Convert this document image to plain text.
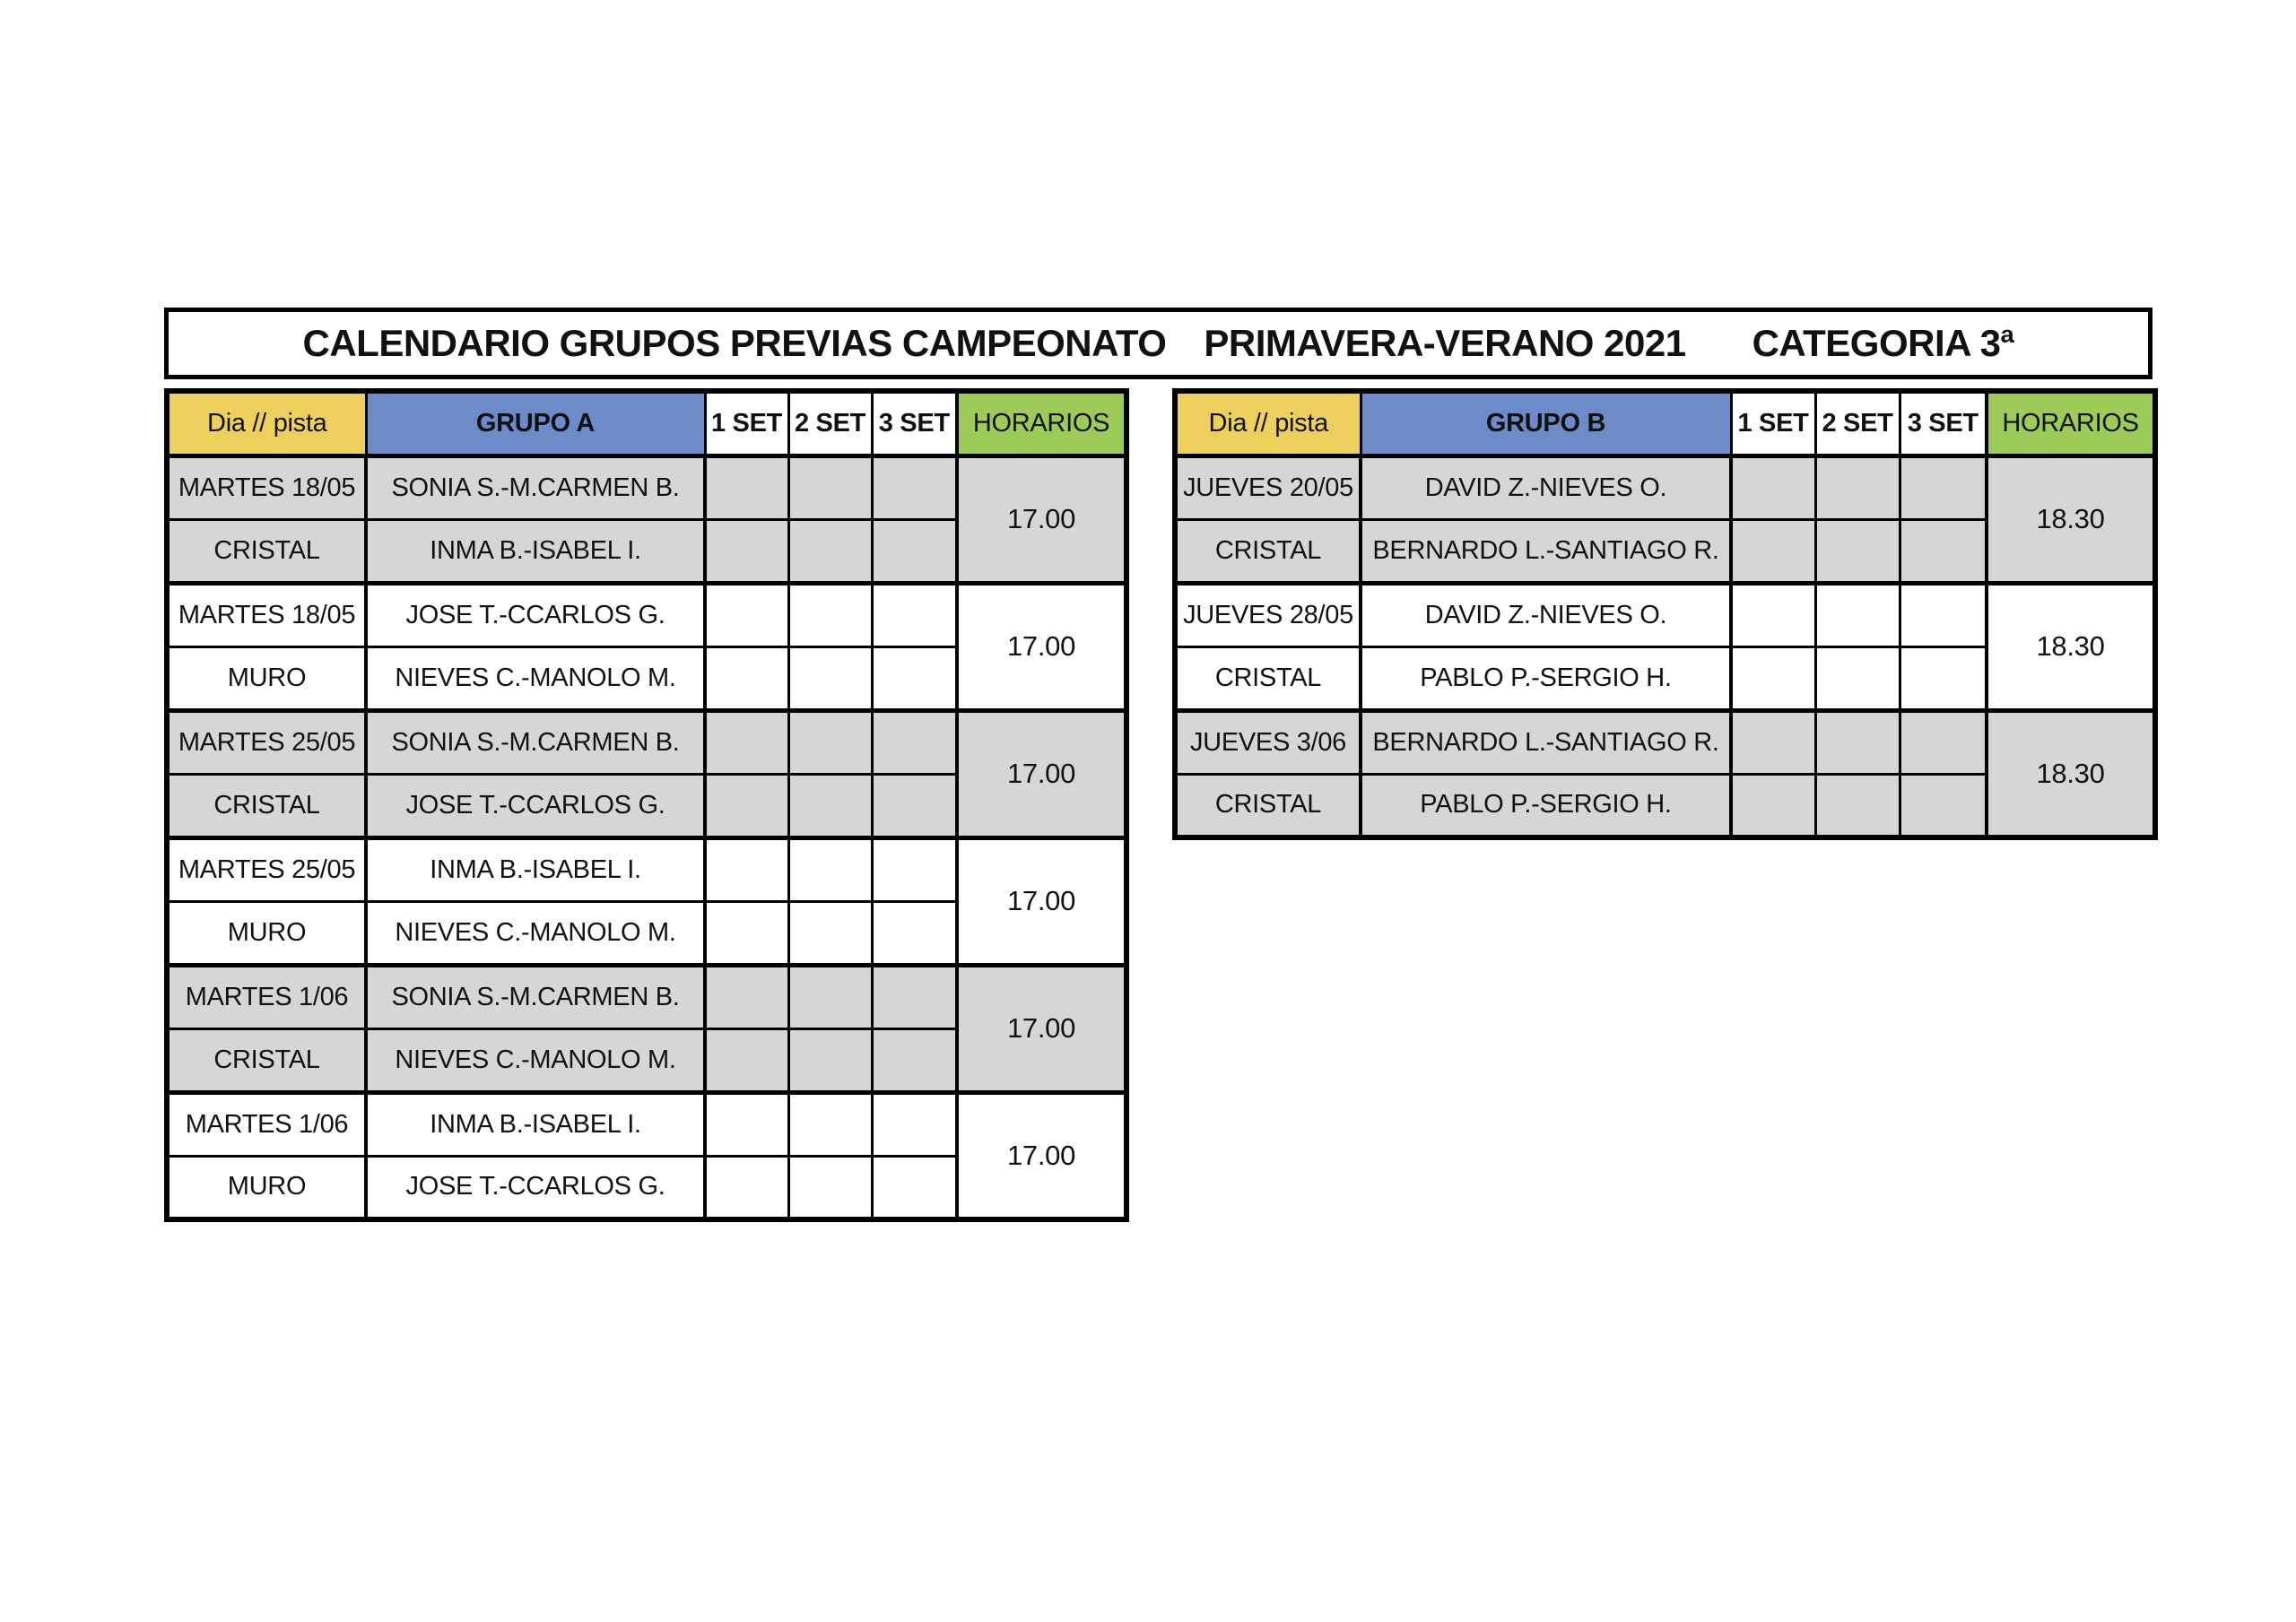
CALENDARIO GRUPOS PREVIAS CAMPEONATO PRIMAVERA-VERANO 2021 CATEGORIA 3ª
Dia // pista	GRUPO A	1 SET	2 SET	3 SET	HORARIOS
MARTES 18/05	SONIA S.-M.CARMEN B.				17.00
CRISTAL	INMA B.-ISABEL I.				
MARTES 18/05	JOSE T.-CCARLOS G.				17.00
MURO	NIEVES C.-MANOLO M.				
MARTES 25/05	SONIA S.-M.CARMEN B.				17.00
CRISTAL	JOSE T.-CCARLOS G.				
MARTES 25/05	INMA B.-ISABEL I.				17.00
MURO	NIEVES C.-MANOLO M.				
MARTES 1/06	SONIA S.-M.CARMEN B.				17.00
CRISTAL	NIEVES C.-MANOLO M.				
MARTES 1/06	INMA B.-ISABEL I.				17.00
MURO	JOSE T.-CCARLOS G.				
Dia // pista	GRUPO B	1 SET	2 SET	3 SET	HORARIOS
JUEVES 20/05	DAVID Z.-NIEVES O.				18.30
CRISTAL	BERNARDO L.-SANTIAGO R.				
JUEVES 28/05	DAVID Z.-NIEVES O.				18.30
CRISTAL	PABLO P.-SERGIO H.				
JUEVES 3/06	BERNARDO L.-SANTIAGO R.				18.30
CRISTAL	PABLO P.-SERGIO H.				
